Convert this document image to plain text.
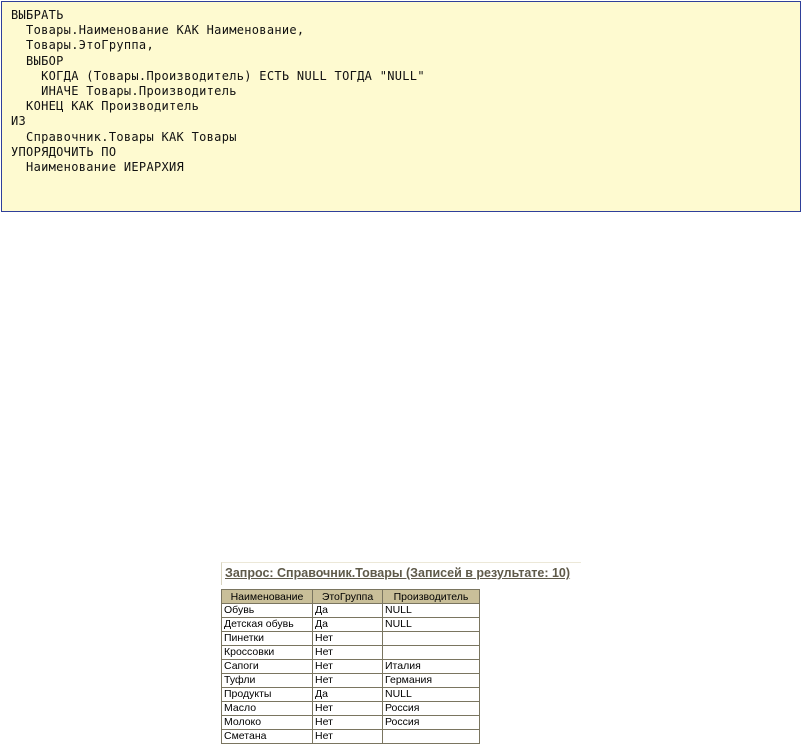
ВЫБРАТЬ
Товары.Наименование КАК Наименование,
Товары.ЭтоГруппа,
ВЫБОР
КОГДА (Товары.Производитель) ЕСТЬ NULL ТОГДА "NULL"
ИНАЧЕ Товары.Производитель
КОНЕЦ КАК Производитель
ИЗ
Справочник.Товары КАК Товары
УПОРЯДОЧИТЬ ПО
Наименование ИЕРАРХИЯ
Запрос: Справочник.Товары (Записей в результате: 10)
Наименование	ЭтоГруппа	Производитель
Обувь	Да	NULL
Детская обувь	Да	NULL
Пинетки	Нет	
Кроссовки	Нет	
Сапоги	Нет	Италия
Туфли	Нет	Германия
Продукты	Да	NULL
Масло	Нет	Россия
Молоко	Нет	Россия
Сметана	Нет	
